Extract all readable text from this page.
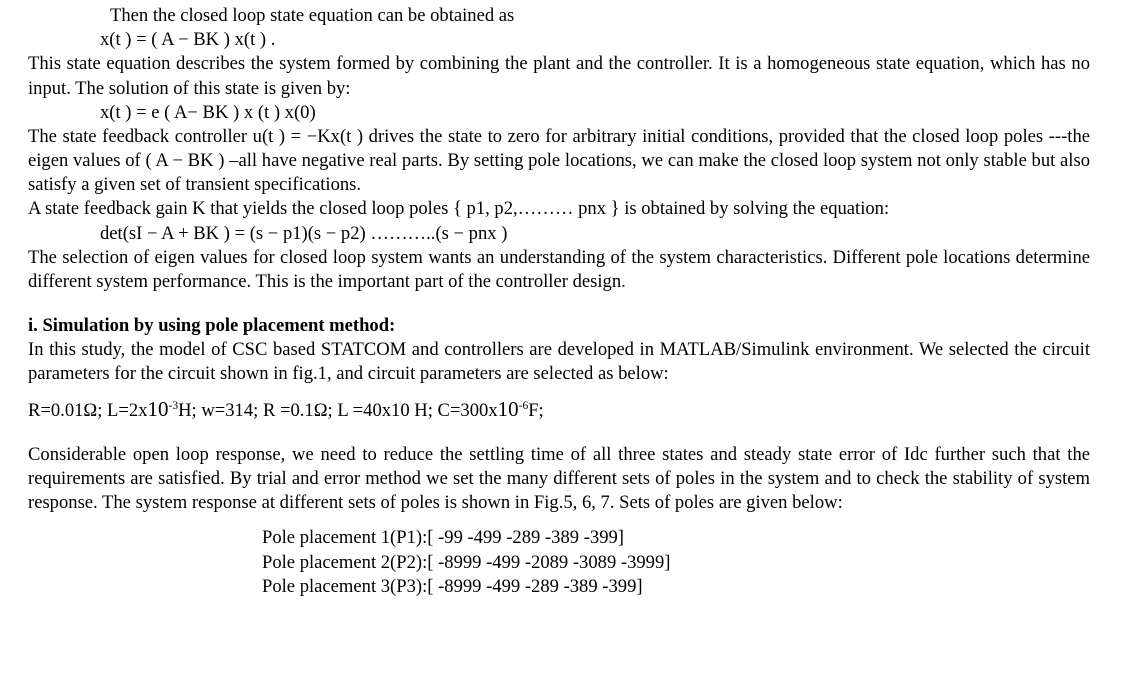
Then the closed loop state equation can be obtained as

x(t ) = ( A − BK ) x(t ) .

This state equation describes the system formed by combining the plant and the controller. It is a homogeneous state equation, which has no input. The solution of this state is given by:

x(t ) = e ( A− BK ) x (t ) x(0)

The state feedback controller u(t ) = −Kx(t ) drives the state to zero for arbitrary initial conditions, provided that the closed loop poles ---the eigen values of ( A − BK ) –all have negative real parts. By setting pole locations, we can make the closed loop system not only stable but also satisfy a given set of transient specifications.

A state feedback gain K that yields the closed loop poles { p1, p2,……… pnx } is obtained by solving the equation:

det(sI − A + BK ) = (s − p1)(s − p2) ………..(s − pnx )

The selection of eigen values for closed loop system wants an understanding of the system characteristics. Different pole locations determine different system performance. This is the important part of the controller design.

i. Simulation by using pole placement method:

In this study, the model of CSC based STATCOM and controllers are developed in MATLAB/Simulink environment. We selected the circuit parameters for the circuit shown in fig.1, and circuit parameters are selected as below:

R=0.01Ω; $L=2x10^{-3}H$; w=314; R =0.1Ω; L =40x10 H; $C=300x10^{-6}F$;

Considerable open loop response, we need to reduce the settling time of all three states and steady state error of Idc further such that the requirements are satisfied. By trial and error method we set the many different sets of poles in the system and to check the stability of system response. The system response at different sets of poles is shown in Fig.5, 6, 7. Sets of poles are given below:

Pole placement 1(P1):[ -99 -499 -289 -389 -399]

Pole placement 2(P2):[ -8999 -499 -2089 -3089 -3999]

Pole placement 3(P3):[ -8999 -499 -289 -389 -399]
